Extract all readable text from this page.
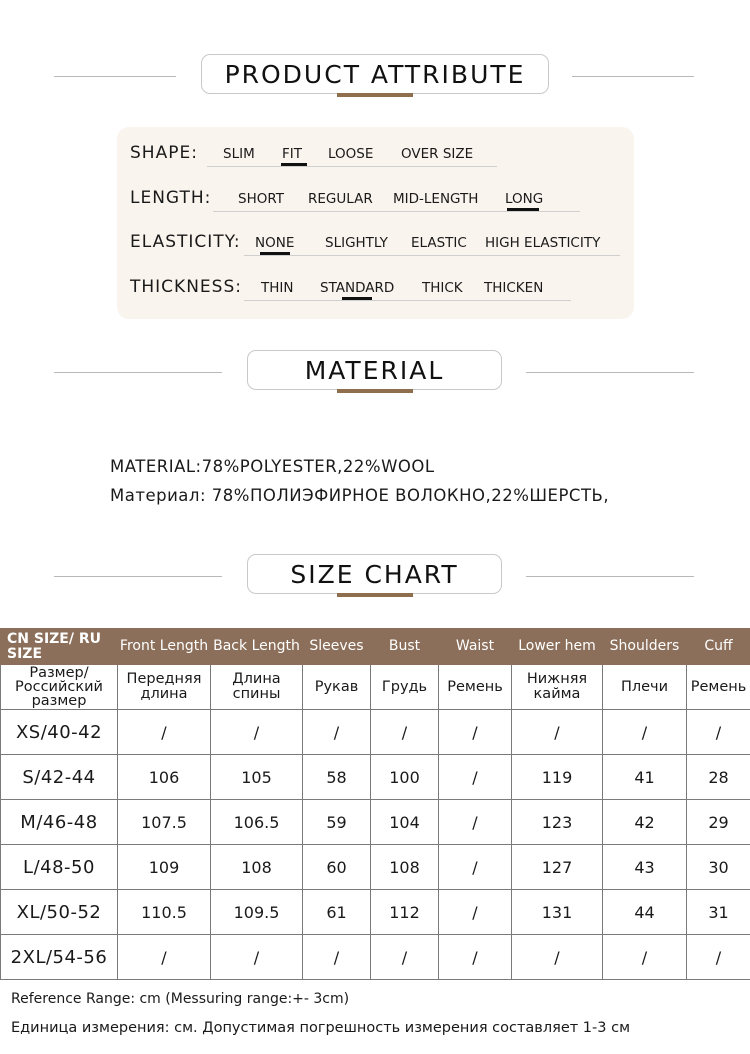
PRODUCT ATTRIBUTE
SHAPE: SLIM FIT LOOSE OVER SIZE
LENGTH: SHORT REGULAR MID-LENGTH LONG
ELASTICITY: NONE SLIGHTLY ELASTIC HIGH ELASTICITY
THICKNESS: THIN STANDARD THICK THICKEN
MATERIAL
MATERIAL:78%POLYESTER,22%WOOL
Материал: 78%ПОЛИЭФИРНОЕ ВОЛОКНО,22%ШЕРСТЬ,
SIZE CHART
CN SIZE/ RU SIZE	Front Length	Back Length	Sleeves	Bust	Waist	Lower hem	Shoulders	Cuff
Размер/ Российский размер	Передняя длина	Длина спины	Рукав	Грудь	Ремень	Нижняя кайма	Плечи	Ремень
XS/40-42	/	/	/	/	/	/	/	/
S/42-44	106	105	58	100	/	119	41	28
M/46-48	107.5	106.5	59	104	/	123	42	29
L/48-50	109	108	60	108	/	127	43	30
XL/50-52	110.5	109.5	61	112	/	131	44	31
2XL/54-56	/	/	/	/	/	/	/	/
Reference Range: cm (Messuring range:+- 3cm)
Единица измерения: см. Допустимая погрешность измерения составляет 1-3 см
